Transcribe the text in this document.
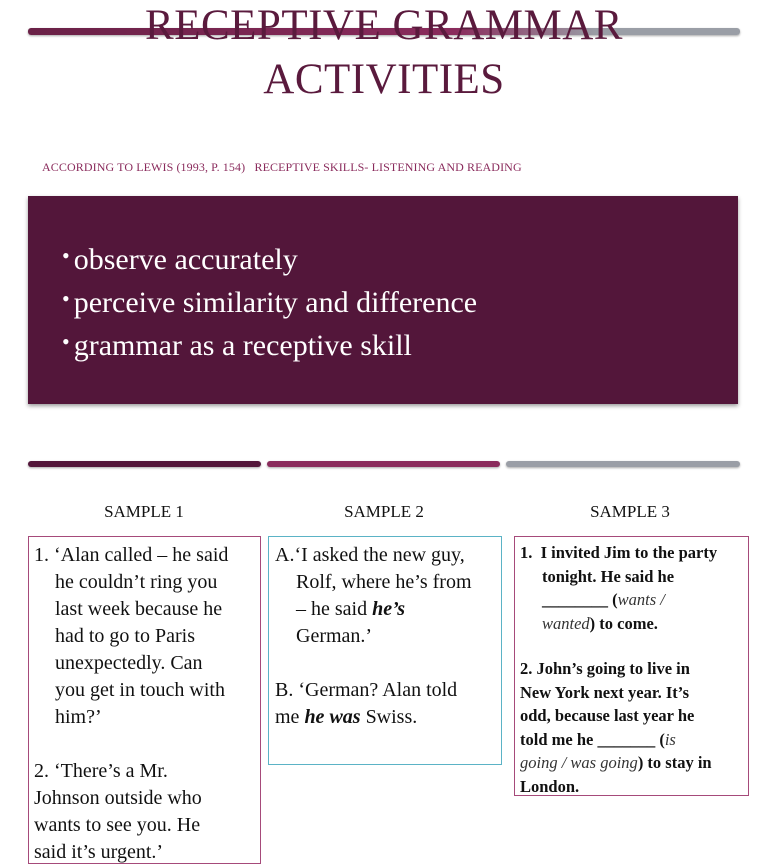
RECEPTIVE GRAMMAR
ACTIVITIES
ACCORDING TO LEWIS (1993, P. 154)   RECEPTIVE SKILLS- LISTENING AND READING
• observe accurately
• perceive similarity and difference
• grammar as a receptive skill
SAMPLE 1	SAMPLE 2	SAMPLE 3
1. ‘Alan called – he said
he couldn’t ring you
last week because he
had to go to Paris
unexpectedly. Can
you get in touch with
him?’
2. ‘There’s a Mr.
Johnson outside who
wants to see you. He
said it’s urgent.’
A.‘I asked the new guy,
Rolf, where he’s from
– he said he’s
German.’
B. ‘German? Alan told
me he was Swiss.
1.  I invited Jim to the party
tonight. He said he
________ (wants /
wanted) to come.
2. John’s going to live in
New York next year. It’s
odd, because last year he
told me he _______ (is
going / was going) to stay in
London.
